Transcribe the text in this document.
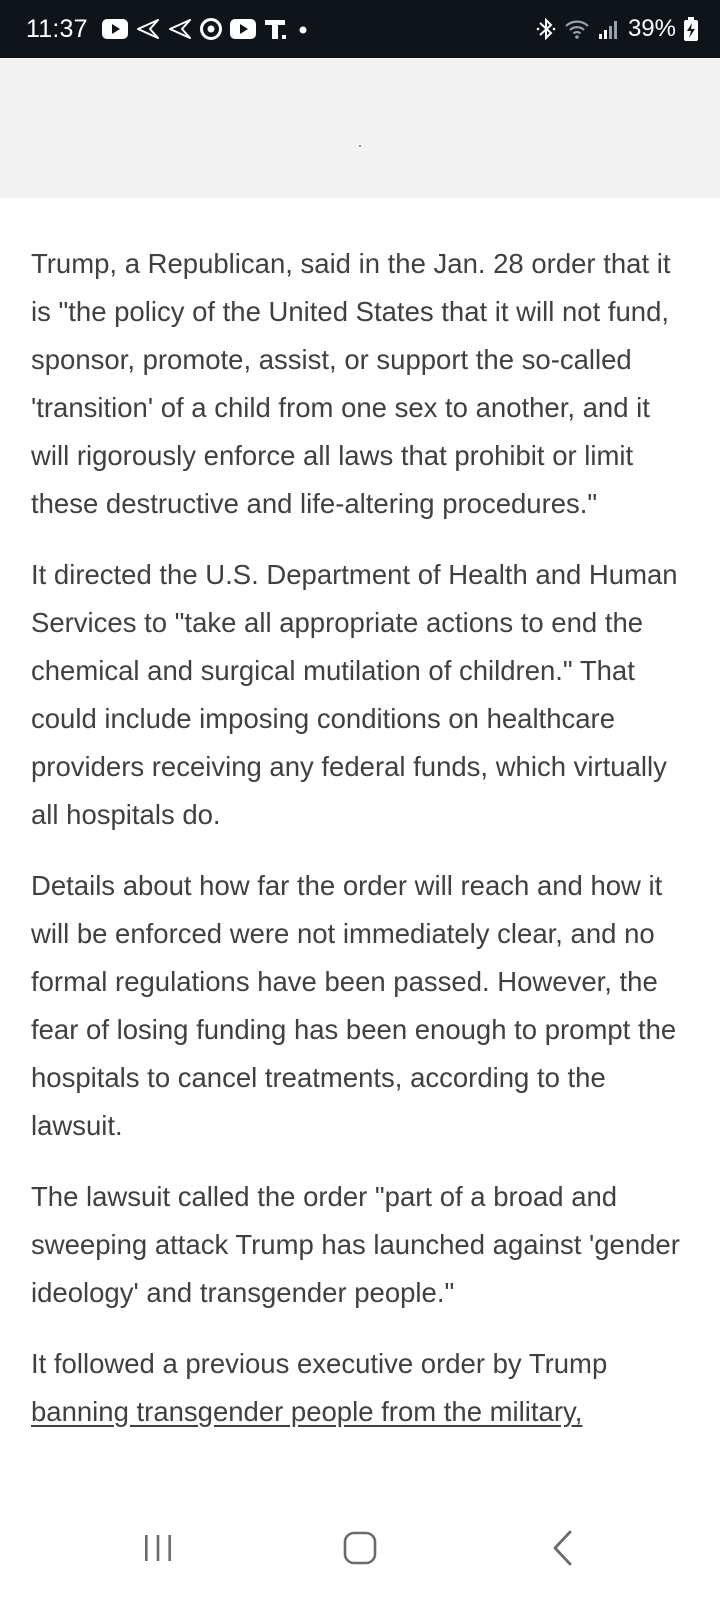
11:37	39%

Trump, a Republican, said in the Jan. 28 order that it is "the policy of the United States that it will not fund, sponsor, promote, assist, or support the so-called 'transition' of a child from one sex to another, and it will rigorously enforce all laws that prohibit or limit these destructive and life-altering procedures."

It directed the U.S. Department of Health and Human Services to "take all appropriate actions to end the chemical and surgical mutilation of children." That could include imposing conditions on healthcare providers receiving any federal funds, which virtually all hospitals do.

Details about how far the order will reach and how it will be enforced were not immediately clear, and no formal regulations have been passed. However, the fear of losing funding has been enough to prompt the hospitals to cancel treatments, according to the lawsuit.

The lawsuit called the order "part of a broad and sweeping attack Trump has launched against 'gender ideology' and transgender people."

It followed a previous executive order by Trump banning transgender people from the military,
